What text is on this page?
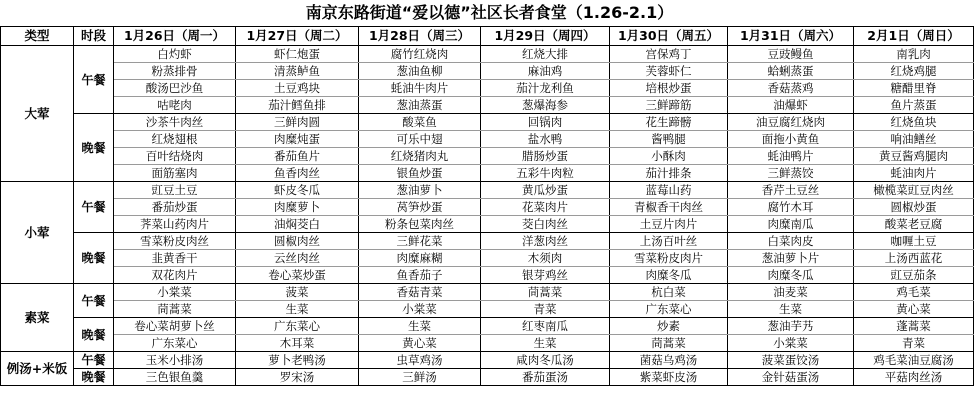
南京东路街道“爱以德”社区长者食堂（1.26-2.1）
类型	时段	1月26日（周一）	1月27日（周二）	1月28日（周三）	1月29日（周四）	1月30日（周五）	1月31日（周六）	2月1日（周日）
大荤	午餐	白灼虾	虾仁炮蛋	腐竹红烧肉	红烧大排	宫保鸡丁	豆豉鳗鱼	南乳肉
		粉蒸排骨	清蒸鲈鱼	葱油鱼柳	麻油鸡	芙蓉虾仁	蛤蜊蒸蛋	红烧鸡腿
		酸汤巴沙鱼	土豆鸡块	蚝油牛肉片	茄汁龙利鱼	培根炒蛋	香菇蒸鸡	糖醋里脊
		咕咾肉	茄汁鳕鱼排	葱油蒸蛋	葱爆海参	三鲜蹄筋	油爆虾	鱼片蒸蛋
	晚餐	沙茶牛肉丝	三鲜肉圆	酸菜鱼	回锅肉	花生蹄髈	油豆腐红烧肉	红烧鱼块
		红烧翅根	肉糜炖蛋	可乐中翅	盐水鸭	酱鸭腿	面拖小黄鱼	响油鳝丝
		百叶结烧肉	番茄鱼片	红烧猪肉丸	腊肠炒蛋	小酥肉	蚝油鸭片	黄豆酱鸡腿肉
		面筋塞肉	鱼香肉丝	银鱼炒蛋	五彩牛肉粒	茄汁排条	三鲜蒸饺	蚝油肉片
小荤	午餐	豇豆土豆	虾皮冬瓜	葱油萝卜	黄瓜炒蛋	蓝莓山药	香芹土豆丝	橄榄菜豇豆肉丝
		番茄炒蛋	肉糜萝卜	莴笋炒蛋	花菜肉片	青椒香干肉丝	腐竹木耳	圆椒炒蛋
		荠菜山药肉片	油焖茭白	粉条包菜肉丝	茭白肉丝	土豆片肉片	肉糜南瓜	酸菜老豆腐
	晚餐	雪菜粉皮肉丝	圆椒肉丝	三鲜花菜	洋葱肉丝	上汤百叶丝	白菜肉皮	咖喱土豆
		韭黄香干	云丝肉丝	肉糜麻糊	木须肉	雪菜粉皮肉片	葱油萝卜片	上汤西蓝花
		双花肉片	卷心菜炒蛋	鱼香茄子	银芽鸡丝	肉糜冬瓜	肉糜冬瓜	豇豆茄条
素菜	午餐	小棠菜	菠菜	香菇青菜	茼蒿菜	杭白菜	油麦菜	鸡毛菜
		茼蒿菜	生菜	小棠菜	青菜	广东菜心	生菜	黄心菜
	晚餐	卷心菜胡萝卜丝	广东菜心	生菜	红枣南瓜	炒素	葱油芋艿	蓬蒿菜
		广东菜心	木耳菜	黄心菜	生菜	茼蒿菜	小棠菜	青菜
例汤+米饭	午餐	玉米小排汤	萝卜老鸭汤	虫草鸡汤	咸肉冬瓜汤	菌菇乌鸡汤	菠菜蛋饺汤	鸡毛菜油豆腐汤
	晚餐	三色银鱼羹	罗宋汤	三鲜汤	番茄蛋汤	紫菜虾皮汤	金针菇蛋汤	平菇肉丝汤
